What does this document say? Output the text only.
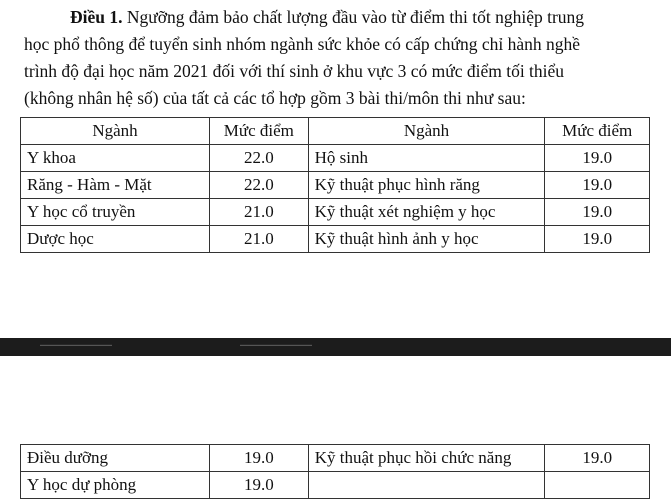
Điều 1. Ngưỡng đảm bảo chất lượng đầu vào từ điểm thi tốt nghiệp trung
học phổ thông để tuyển sinh nhóm ngành sức khỏe có cấp chứng chỉ hành nghề
trình độ đại học năm 2021 đối với thí sinh ở khu vực 3 có mức điểm tối thiểu
(không nhân hệ số) của tất cả các tổ hợp gồm 3 bài thi/môn thi như sau:
Ngành	Mức điểm	Ngành	Mức điểm
Y khoa	22.0	Hộ sinh	19.0
Răng - Hàm - Mặt	22.0	Kỹ thuật phục hình răng	19.0
Y học cổ truyền	21.0	Kỹ thuật xét nghiệm y học	19.0
Dược học	21.0	Kỹ thuật hình ảnh y học	19.0
▬▬▬▬▬▬▬▬▬▬▬▬▬▬▬▬▬▬	▬▬▬▬▬▬▬▬▬▬▬▬▬▬▬▬▬▬
Điều dưỡng	19.0	Kỹ thuật phục hồi chức năng	19.0
Y học dự phòng	19.0		
